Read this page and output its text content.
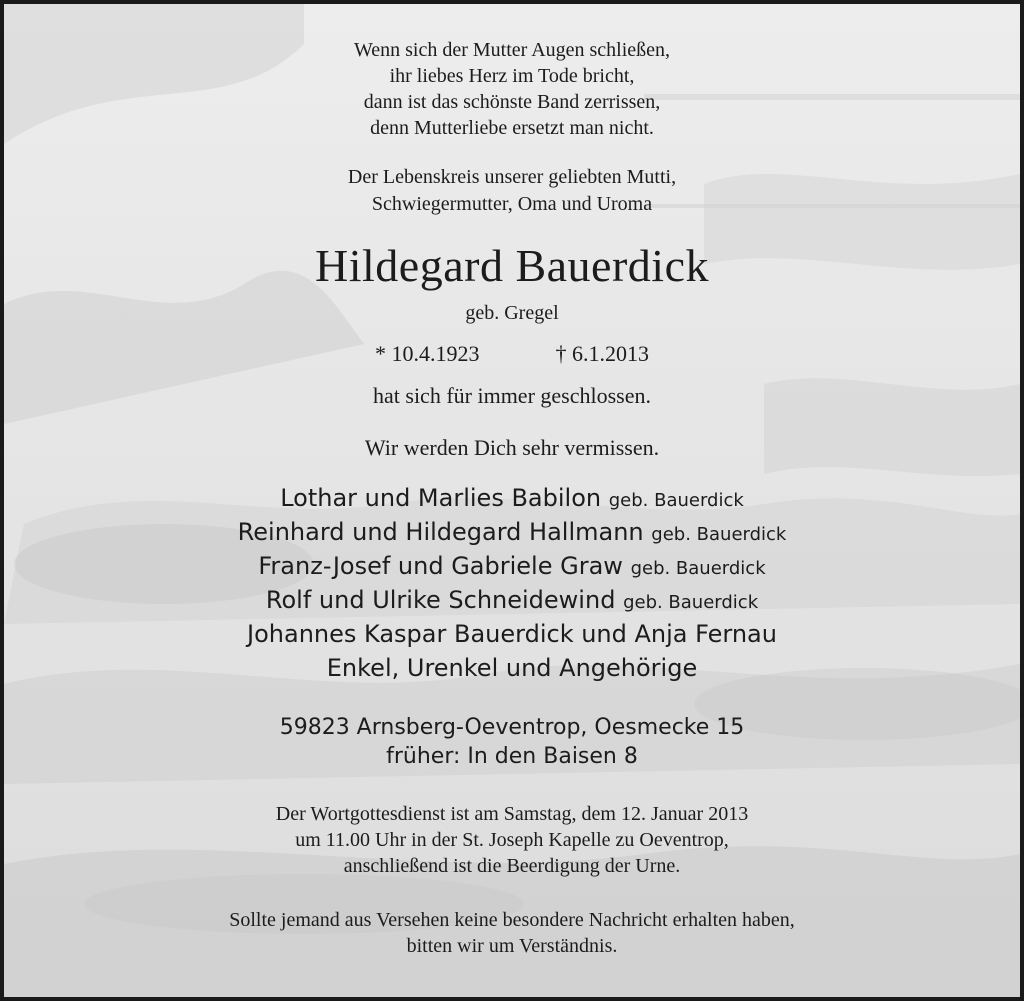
Wenn sich der Mutter Augen schließen,
ihr liebes Herz im Tode bricht,
dann ist das schönste Band zerrissen,
denn Mutterliebe ersetzt man nicht.
Der Lebenskreis unserer geliebten Mutti,
Schwiegermutter, Oma und Uroma
Hildegard Bauerdick
geb. Gregel
* 10.4.1923	† 6.1.2013
hat sich für immer geschlossen.
Wir werden Dich sehr vermissen.
Lothar und Marlies Babilon geb. Bauerdick
Reinhard und Hildegard Hallmann geb. Bauerdick
Franz-Josef und Gabriele Graw geb. Bauerdick
Rolf und Ulrike Schneidewind geb. Bauerdick
Johannes Kaspar Bauerdick und Anja Fernau
Enkel, Urenkel und Angehörige
59823 Arnsberg-Oeventrop, Oesmecke 15
früher: In den Baisen 8
Der Wortgottesdienst ist am Samstag, dem 12. Januar 2013
um 11.00 Uhr in der St. Joseph Kapelle zu Oeventrop,
anschließend ist die Beerdigung der Urne.
Sollte jemand aus Versehen keine besondere Nachricht erhalten haben,
bitten wir um Verständnis.
